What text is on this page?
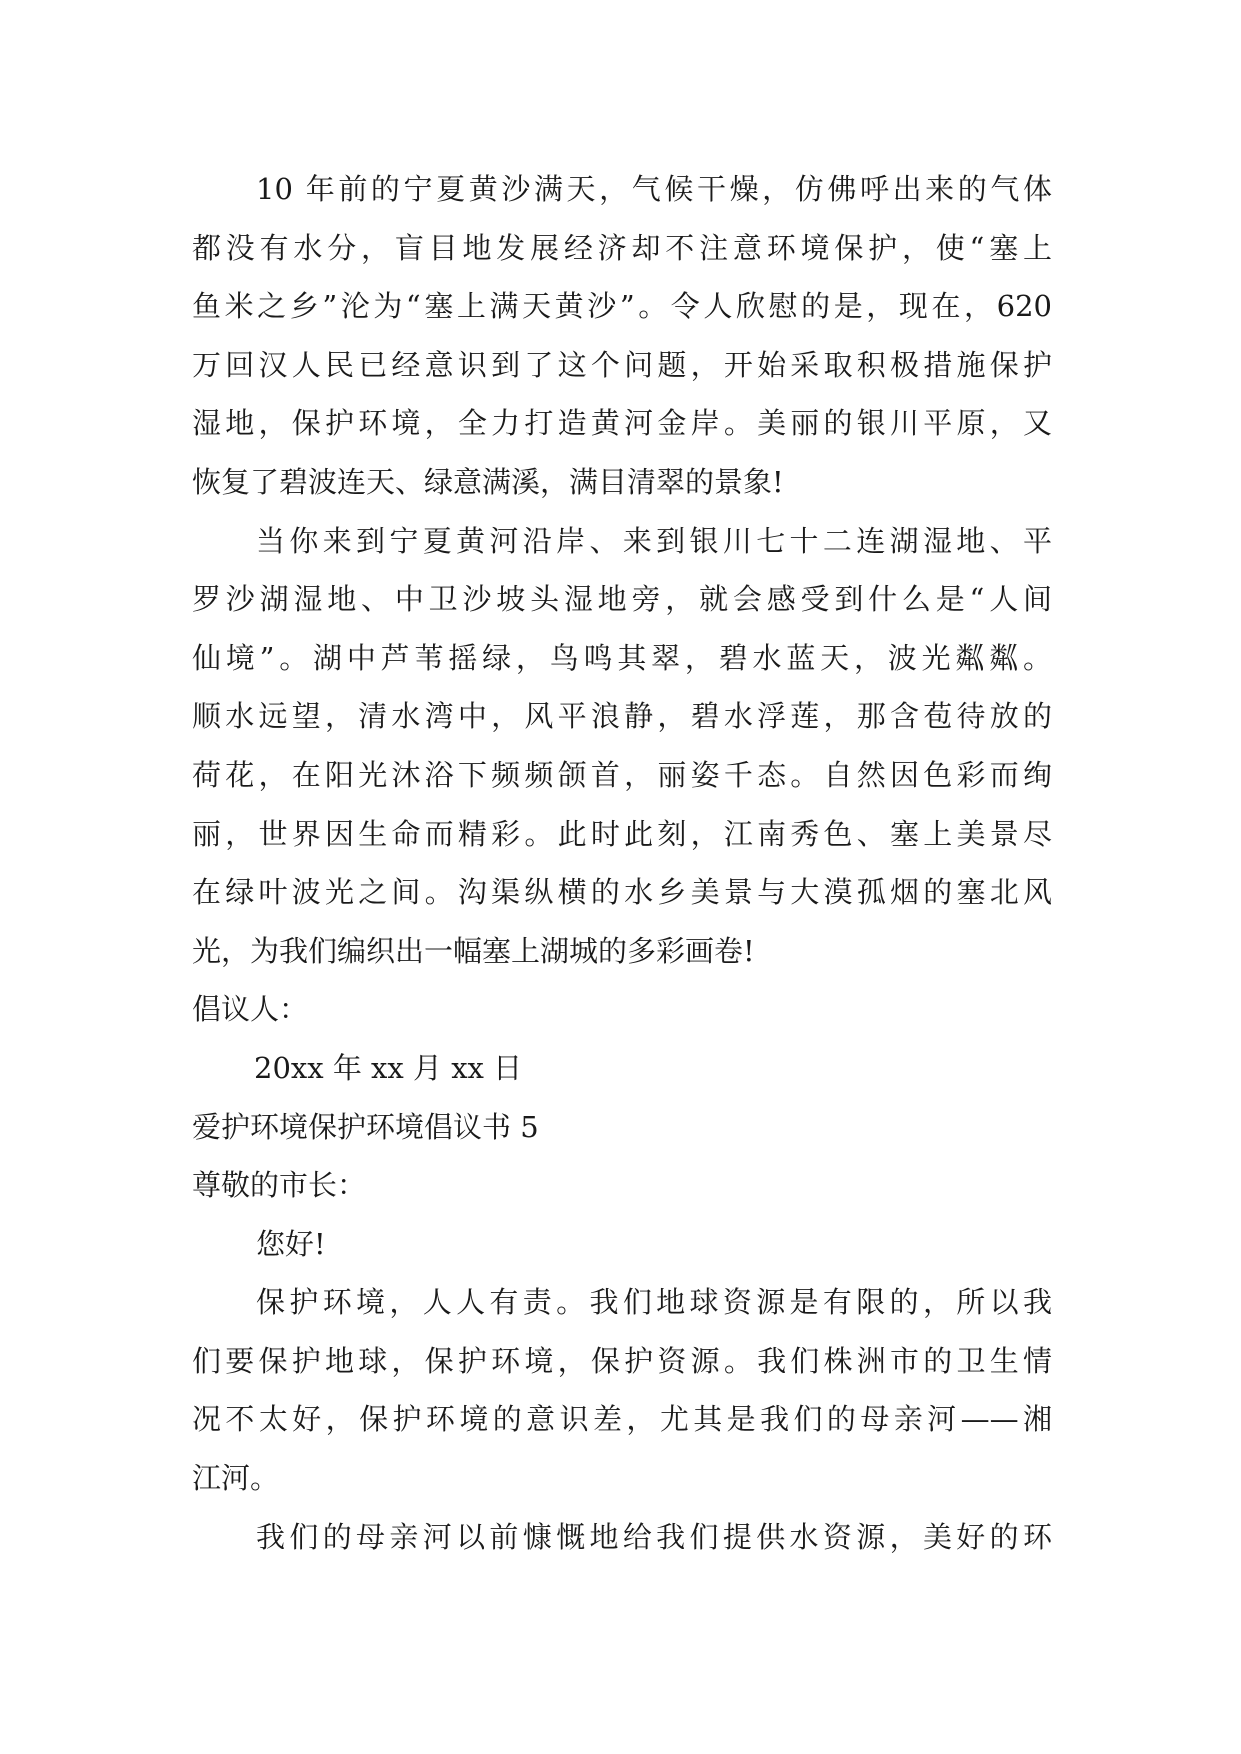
10 年前的宁夏黄沙满天，气候干燥，仿佛呼出来的气体
都没有水分，盲目地发展经济却不注意环境保护，使“塞上
鱼米之乡”沦为“塞上满天黄沙”。令人欣慰的是，现在，620
万回汉人民已经意识到了这个问题，开始采取积极措施保护
湿地，保护环境，全力打造黄河金岸。美丽的银川平原，又
恢复了碧波连天、绿意满溪，满目清翠的景象!
当你来到宁夏黄河沿岸、来到银川七十二连湖湿地、平
罗沙湖湿地、中卫沙坡头湿地旁，就会感受到什么是“人间
仙境”。湖中芦苇摇绿，鸟鸣其翠，碧水蓝天，波光粼粼。
顺水远望，清水湾中，风平浪静，碧水浮莲，那含苞待放的
荷花，在阳光沐浴下频频颌首，丽姿千态。自然因色彩而绚
丽，世界因生命而精彩。此时此刻，江南秀色、塞上美景尽
在绿叶波光之间。沟渠纵横的水乡美景与大漠孤烟的塞北风
光，为我们编织出一幅塞上湖城的多彩画卷!
倡议人：
20xx 年 xx 月 xx 日
爱护环境保护环境倡议书 5
尊敬的市长：
您好!
保护环境，人人有责。我们地球资源是有限的，所以我
们要保护地球，保护环境，保护资源。我们株洲市的卫生情
况不太好，保护环境的意识差，尤其是我们的母亲河——湘
江河。
我们的母亲河以前慷慨地给我们提供水资源，美好的环
